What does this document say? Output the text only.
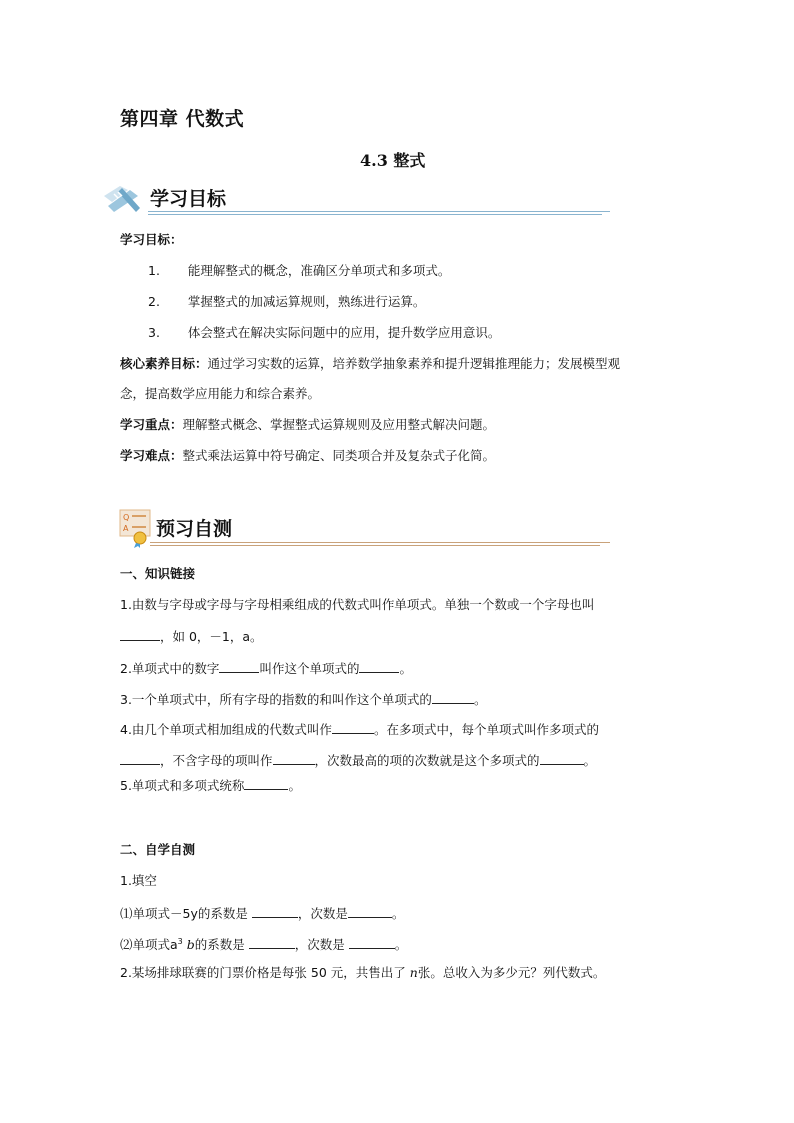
第四章 代数式
4.3 整式
学习目标
学习目标：
1. 能理解整式的概念，准确区分单项式和多项式。
2. 掌握整式的加减运算规则，熟练进行运算。
3. 体会整式在解决实际问题中的应用，提升数学应用意识。
核心素养目标：通过学习实数的运算，培养数学抽象素养和提升逻辑推理能力；发展模型观
念，提高数学应用能力和综合素养。
学习重点：理解整式概念、掌握整式运算规则及应用整式解决问题。
学习难点：整式乘法运算中符号确定、同类项合并及复杂式子化简。
Q
A 预习自测
一、知识链接
1.由数与字母或字母与字母相乘组成的代数式叫作单项式。单独一个数或一个字母也叫
，如 0，－1，a。
2.单项式中的数字	叫作这个单项式的	。
3.一个单项式中，所有字母的指数的和叫作这个单项式的	。
4.由几个单项式相加组成的代数式叫作	。在多项式中，每个单项式叫作多项式的
，不含字母的项叫作	，次数最高的项的次数就是这个多项式的	。
5.单项式和多项式统称	。
二、自学自测
1.填空
⑴单项式－5y的系数是	，次数是	。
⑵单项式$a^3$ b的系数是	，次数是	。
2.某场排球联赛的门票价格是每张 50 元，共售出了 n张。总收入为多少元？列代数式。
